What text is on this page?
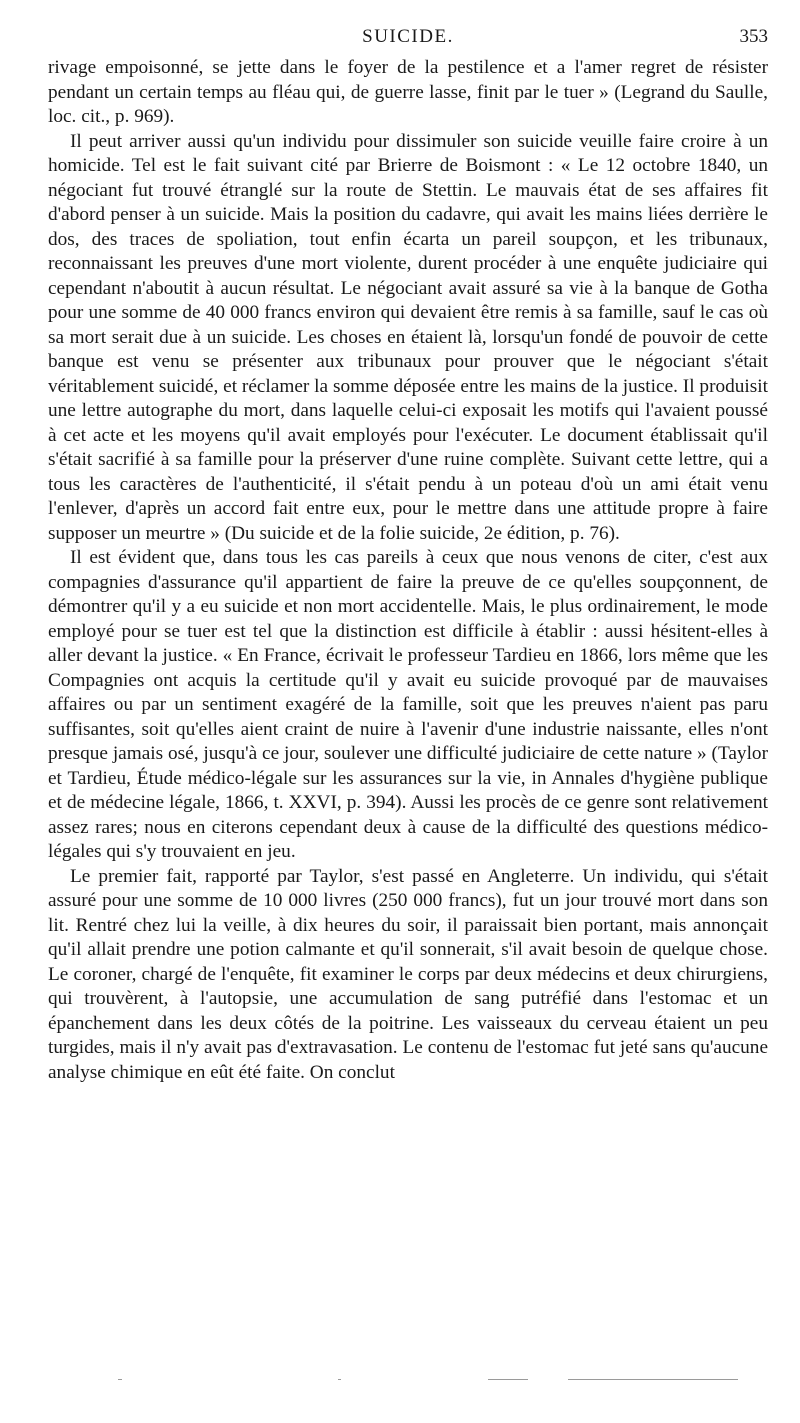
SUICIDE.	353

rivage empoisonné, se jette dans le foyer de la pestilence et a l'amer regret de résister pendant un certain temps au fléau qui, de guerre lasse, finit par le tuer » (Legrand du Saulle, loc. cit., p. 969).

Il peut arriver aussi qu'un individu pour dissimuler son suicide veuille faire croire à un homicide. Tel est le fait suivant cité par Brierre de Boismont : « Le 12 octobre 1840, un négociant fut trouvé étranglé sur la route de Stettin. Le mauvais état de ses affaires fit d'abord penser à un suicide. Mais la position du cadavre, qui avait les mains liées derrière le dos, des traces de spoliation, tout enfin écarta un pareil soupçon, et les tribunaux, reconnaissant les preuves d'une mort violente, durent procéder à une enquête judiciaire qui cependant n'aboutit à aucun résultat. Le négociant avait assuré sa vie à la banque de Gotha pour une somme de 40 000 francs environ qui devaient être remis à sa famille, sauf le cas où sa mort serait due à un suicide. Les choses en étaient là, lorsqu'un fondé de pouvoir de cette banque est venu se présenter aux tribunaux pour prouver que le négociant s'était véritablement suicidé, et réclamer la somme déposée entre les mains de la justice. Il produisit une lettre autographe du mort, dans laquelle celui-ci exposait les motifs qui l'avaient poussé à cet acte et les moyens qu'il avait employés pour l'exécuter. Le document établissait qu'il s'était sacrifié à sa famille pour la préserver d'une ruine complète. Suivant cette lettre, qui a tous les caractères de l'authenticité, il s'était pendu à un poteau d'où un ami était venu l'enlever, d'après un accord fait entre eux, pour le mettre dans une attitude propre à faire supposer un meurtre » (Du suicide et de la folie suicide, 2e édition, p. 76).

Il est évident que, dans tous les cas pareils à ceux que nous venons de citer, c'est aux compagnies d'assurance qu'il appartient de faire la preuve de ce qu'elles soupçonnent, de démontrer qu'il y a eu suicide et non mort accidentelle. Mais, le plus ordinairement, le mode employé pour se tuer est tel que la distinction est difficile à établir : aussi hésitent-elles à aller devant la justice. « En France, écrivait le professeur Tardieu en 1866, lors même que les Compagnies ont acquis la certitude qu'il y avait eu suicide provoqué par de mauvaises affaires ou par un sentiment exagéré de la famille, soit que les preuves n'aient pas paru suffisantes, soit qu'elles aient craint de nuire à l'avenir d'une industrie naissante, elles n'ont presque jamais osé, jusqu'à ce jour, soulever une difficulté judiciaire de cette nature » (Taylor et Tardieu, Étude médico-légale sur les assurances sur la vie, in Annales d'hygiène publique et de médecine légale, 1866, t. XXVI, p. 394). Aussi les procès de ce genre sont relativement assez rares; nous en citerons cependant deux à cause de la difficulté des questions médico-légales qui s'y trouvaient en jeu.

Le premier fait, rapporté par Taylor, s'est passé en Angleterre. Un individu, qui s'était assuré pour une somme de 10 000 livres (250 000 francs), fut un jour trouvé mort dans son lit. Rentré chez lui la veille, à dix heures du soir, il paraissait bien portant, mais annonçait qu'il allait prendre une potion calmante et qu'il sonnerait, s'il avait besoin de quelque chose. Le coroner, chargé de l'enquête, fit examiner le corps par deux médecins et deux chirurgiens, qui trouvèrent, à l'autopsie, une accumulation de sang putréfié dans l'estomac et un épanchement dans les deux côtés de la poitrine. Les vaisseaux du cerveau étaient un peu turgides, mais il n'y avait pas d'extravasation. Le contenu de l'estomac fut jeté sans qu'aucune analyse chimique en eût été faite. On conclut
